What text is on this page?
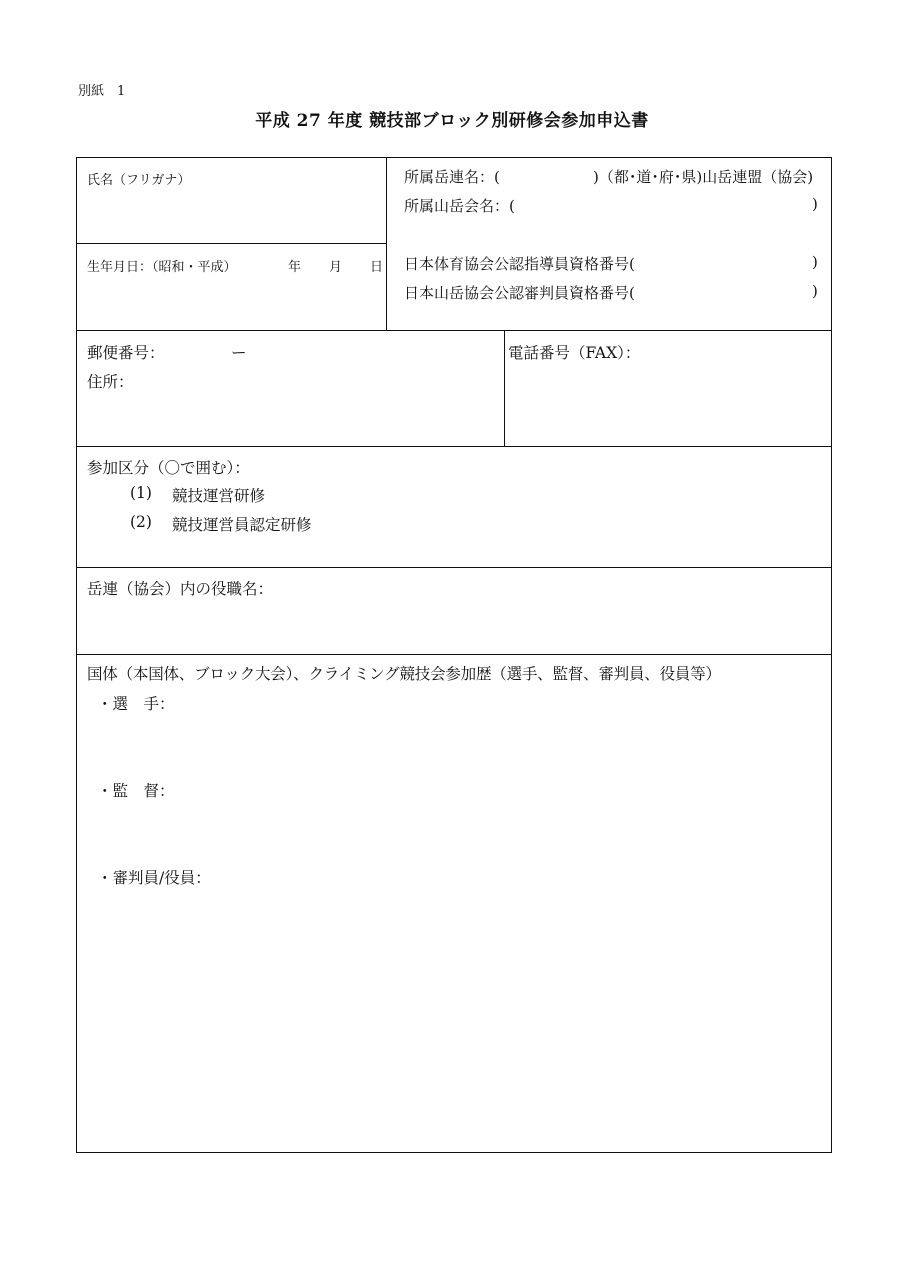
別紙　1
平成 27 年度 競技部ブロック別研修会参加申込書
氏名（フリガナ）
生年月日：（昭和・平成）	年 月 日
所属岳連名：(	)（都･道･府･県)山岳連盟（協会)
所属山岳会名：(	)
日本体育協会公認指導員資格番号(	)
日本山岳協会公認審判員資格番号(	)
郵便番号：	ー
住所：
電話番号（FAX）：
参加区分（〇で囲む）：
(1) 競技運営研修
(2) 競技運営員認定研修
岳連（協会）内の役職名：
国体（本国体、ブロック大会）、クライミング競技会参加歴（選手、監督、審判員、役員等）
・選　手：
・監　督：
・審判員/役員：
